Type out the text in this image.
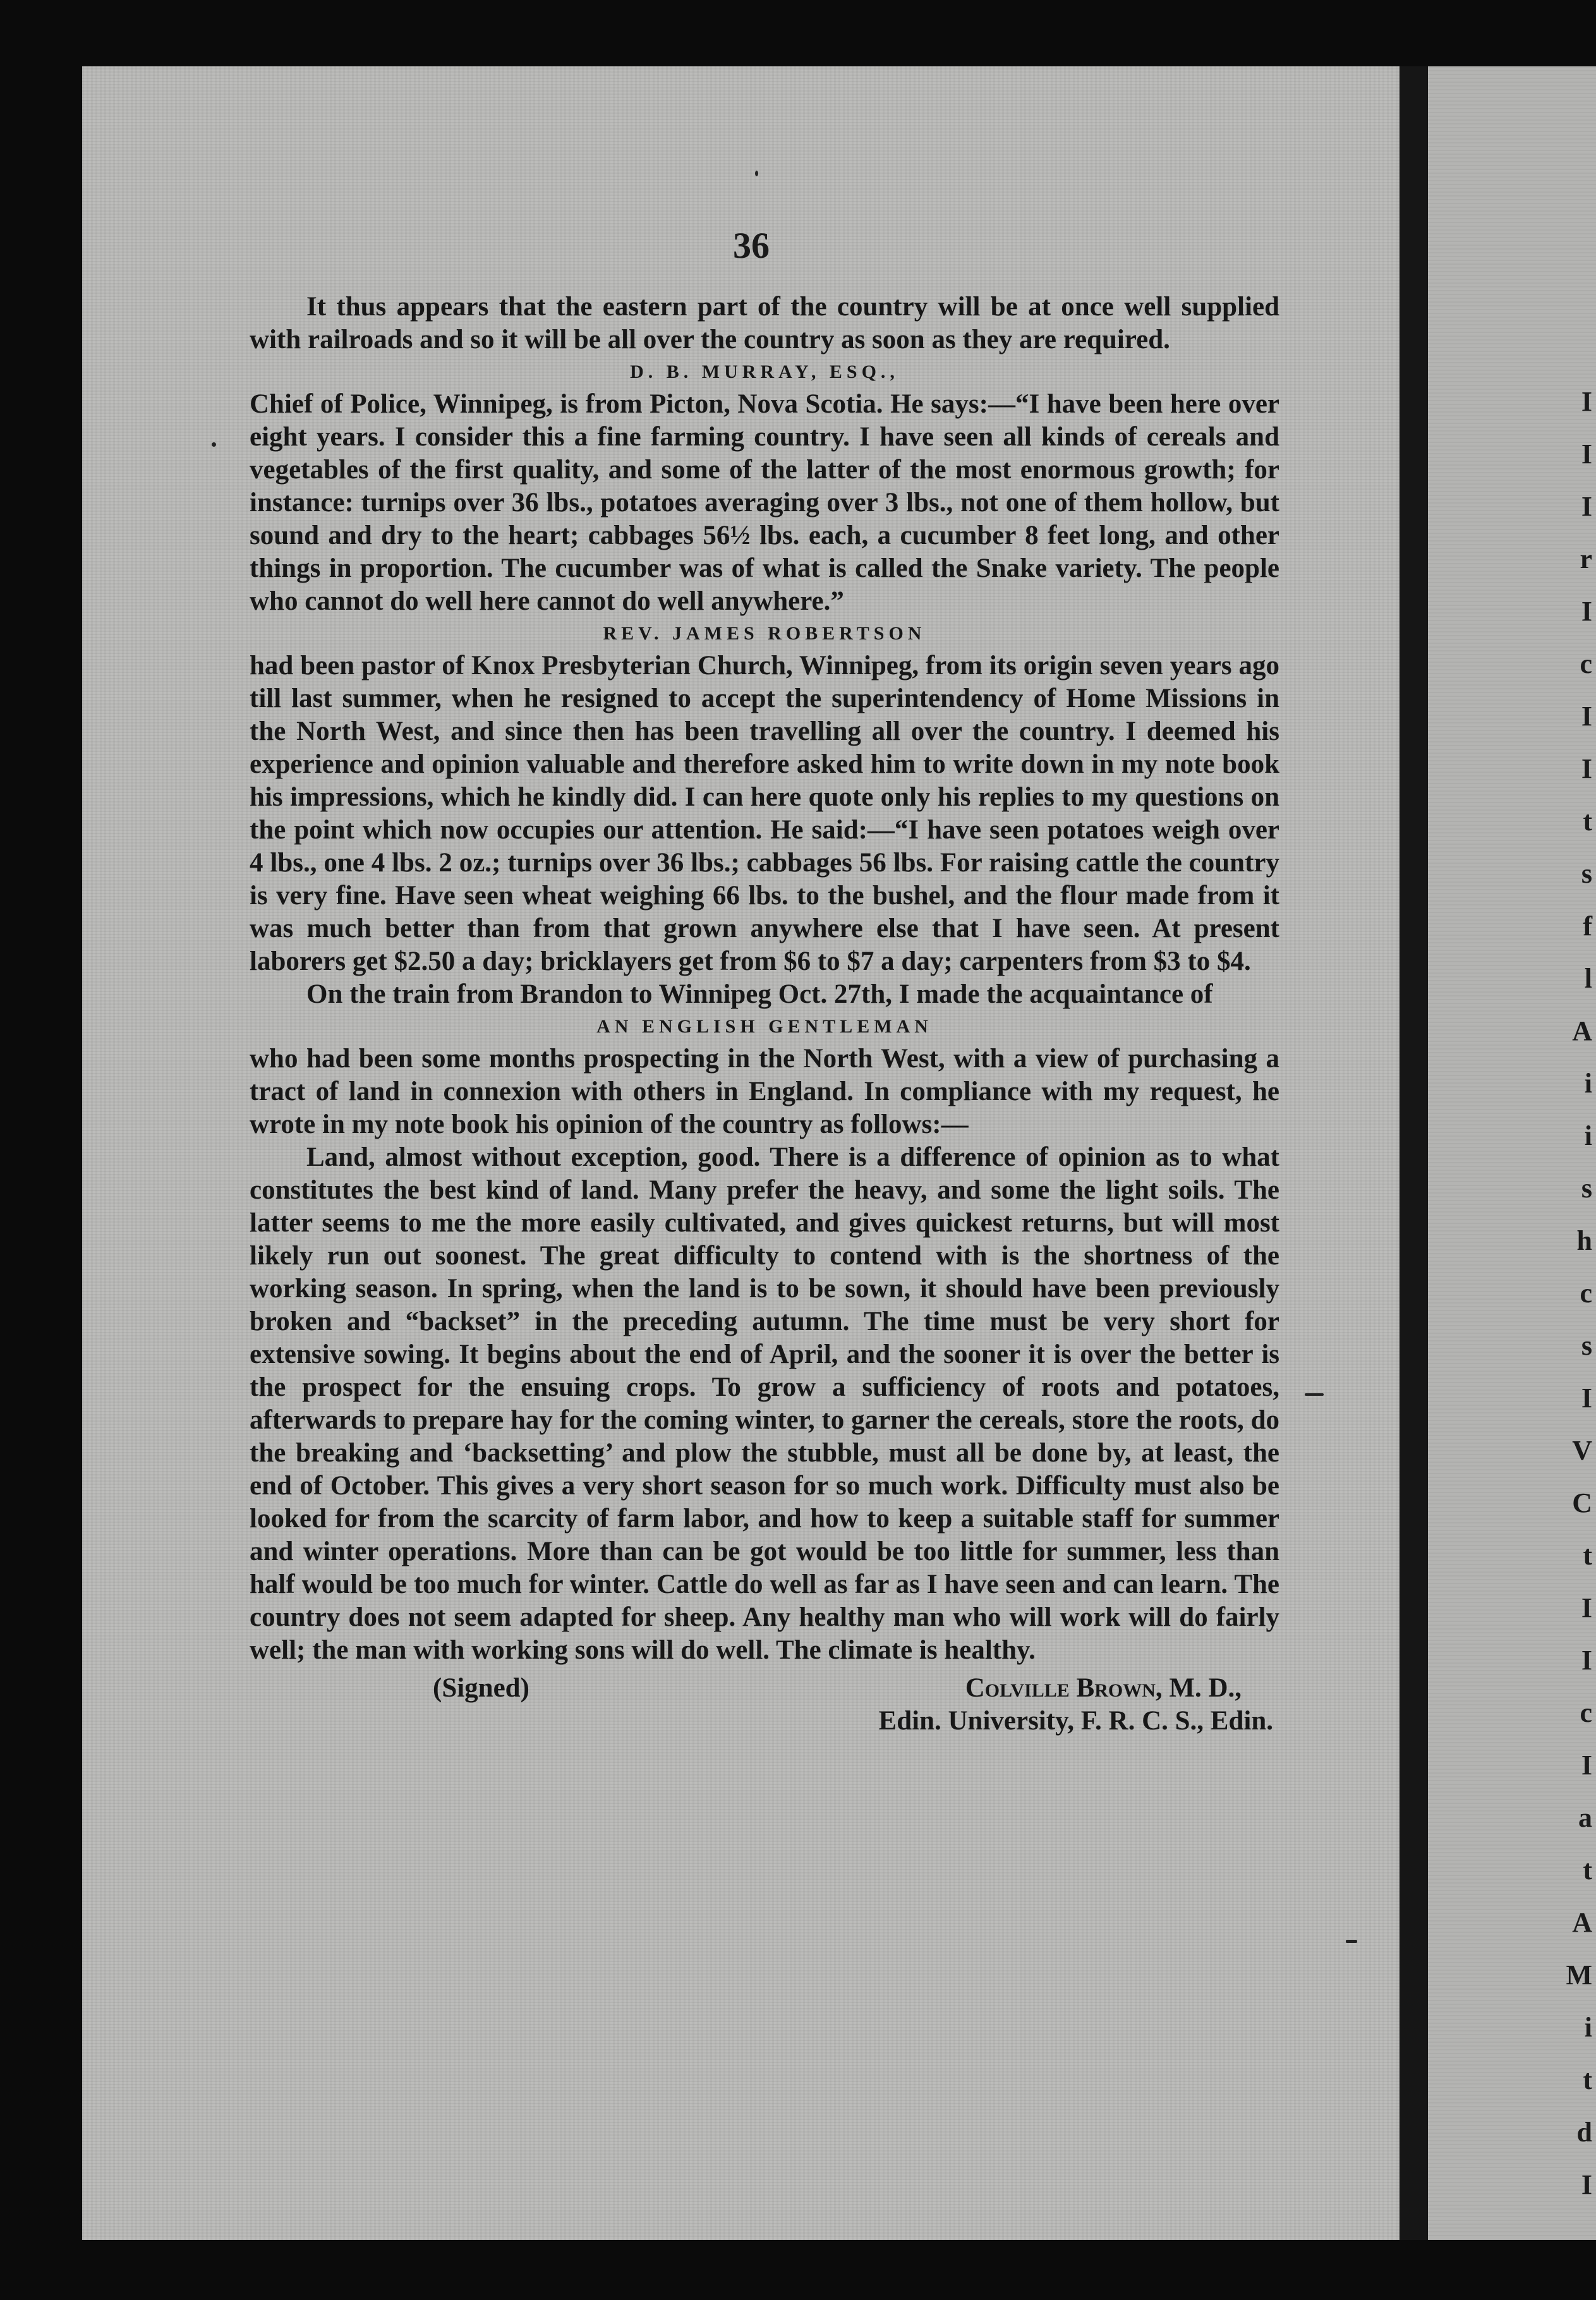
I
I
I
r
I
c
I
I
t
s
f
l
A
i
i
s
h
c
s
I
V
C
t
I
I
c
I
a
t
A
M
i
t
d
I
36

It thus appears that the eastern part of the country will be at once well supplied with railroads and so it will be all over the country as soon as they are required.

D. B. MURRAY, ESQ.,

Chief of Police, Winnipeg, is from Picton, Nova Scotia. He says:—“I have been here over eight years. I consider this a fine farming country. I have seen all kinds of cereals and vegetables of the first quality, and some of the latter of the most enormous growth; for instance: turnips over 36 lbs., potatoes averaging over 3 lbs., not one of them hollow, but sound and dry to the heart; cabbages 56½ lbs. each, a cucumber 8 feet long, and other things in proportion. The cucumber was of what is called the Snake variety. The people who cannot do well here cannot do well anywhere.”

REV. JAMES ROBERTSON

had been pastor of Knox Presbyterian Church, Winnipeg, from its origin seven years ago till last summer, when he resigned to accept the superintendency of Home Missions in the North West, and since then has been travelling all over the country. I deemed his experience and opinion valuable and therefore asked him to write down in my note book his impressions, which he kindly did. I can here quote only his replies to my questions on the point which now occupies our attention. He said:—“I have seen potatoes weigh over 4 lbs., one 4 lbs. 2 oz.; turnips over 36 lbs.; cabbages 56 lbs. For raising cattle the country is very fine. Have seen wheat weighing 66 lbs. to the bushel, and the flour made from it was much better than from that grown anywhere else that I have seen. At present laborers get $2.50 a day; bricklayers get from $6 to $7 a day; carpenters from $3 to $4.

On the train from Brandon to Winnipeg Oct. 27th, I made the acquaintance of

AN ENGLISH GENTLEMAN

who had been some months prospecting in the North West, with a view of purchasing a tract of land in connexion with others in England. In compliance with my request, he wrote in my note book his opinion of the country as follows:—

Land, almost without exception, good. There is a difference of opinion as to what constitutes the best kind of land. Many prefer the heavy, and some the light soils. The latter seems to me the more easily cultivated, and gives quickest returns, but will most likely run out soonest. The great difficulty to contend with is the shortness of the working season. In spring, when the land is to be sown, it should have been previously broken and “backset” in the preceding autumn. The time must be very short for extensive sowing. It begins about the end of April, and the sooner it is over the better is the prospect for the ensuing crops. To grow a sufficiency of roots and potatoes, afterwards to prepare hay for the coming winter, to garner the cereals, store the roots, do the breaking and ‘backsetting’ and plow the stubble, must all be done by, at least, the end of October. This gives a very short season for so much work. Difficulty must also be looked for from the scarcity of farm labor, and how to keep a suitable staff for summer and winter operations. More than can be got would be too little for summer, less than half would be too much for winter. Cattle do well as far as I have seen and can learn. The country does not seem adapted for sheep. Any healthy man who will work will do fairly well; the man with working sons will do well. The climate is healthy.

(Signed)	Colville Brown, M. D.,
Edin. University, F. R. C. S., Edin.
